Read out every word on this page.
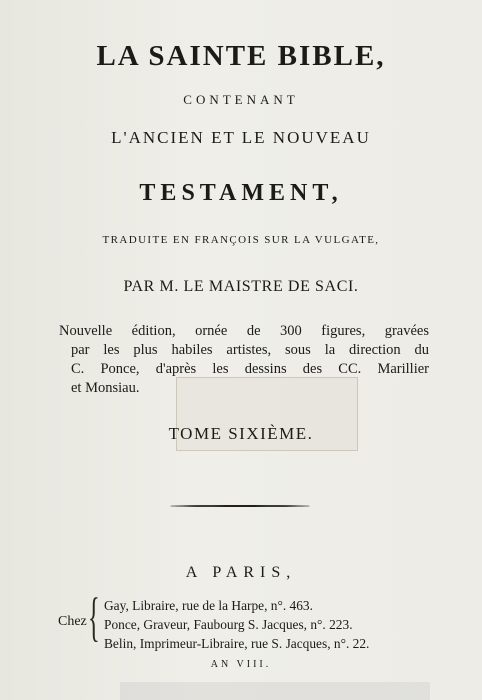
LA SAINTE BIBLE,
CONTENANT
L'ANCIEN ET LE NOUVEAU
TESTAMENT,
TRADUITE EN FRANÇOIS SUR LA VULGATE,
PAR M. LE MAISTRE DE SACI.
Nouvelle édition, ornée de 300 figures, gravées
par les plus habiles artistes, sous la direction du
C. Ponce, d'après les dessins des CC. Marillier
et Monsiau.
TOME SIXIÈME.
A PARIS,
Chez { Gay, Libraire, rue de la Harpe, n°. 463.
Ponce, Graveur, Faubourg S. Jacques, n°. 223.
Belin, Imprimeur-Libraire, rue S. Jacques, n°. 22.
AN VIII.
